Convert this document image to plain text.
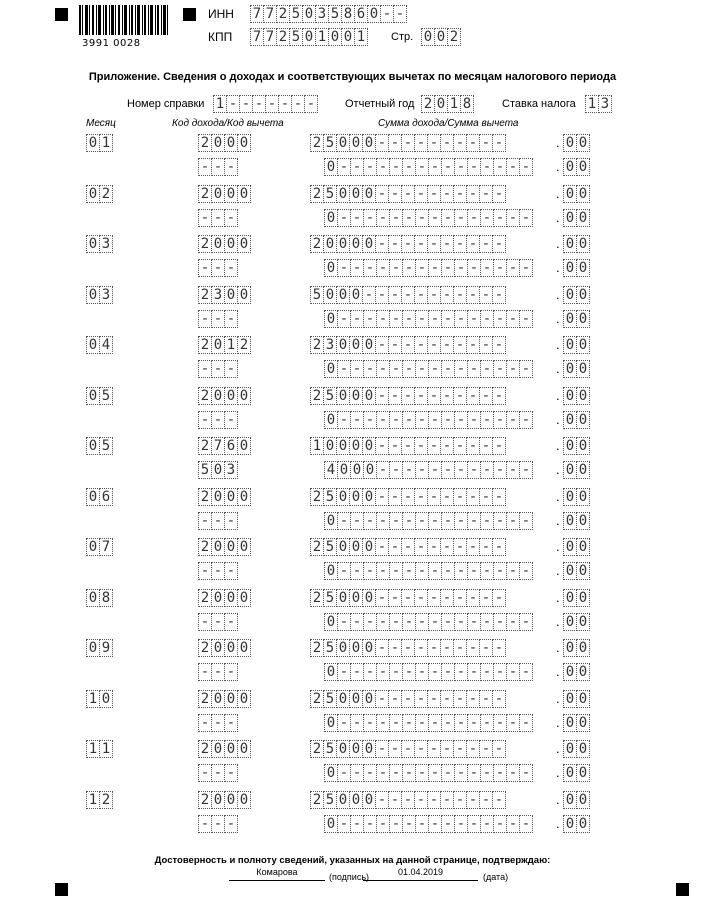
3991 0028
ИНН 7 7 2 5 0 3 5 8 6 0 - -
КПП 7 7 2 5 0 1 0 0 1 Стр. 0 0 2
Приложение. Сведения о доходах и соответствующих вычетах по месяцам налогового периода
Номер справки 1 - - - - - - -	Отчетный год 2 0 1 8	Ставка налога 1 3
Месяц	Код дохода/Код вычета	Сумма дохода/Сумма вычета
0 1	2 0 0 0	2 5 0 0 0 - - - - - - - - - -	. 0 0
- - -	0 - - - - - - - - - - - - - - - . 0 0
0 2	2 0 0 0	2 5 0 0 0 - - - - - - - - - -	. 0 0
- - -	0 - - - - - - - - - - - - - - - . 0 0
0 3	2 0 0 0	2 0 0 0 0 - - - - - - - - - -	. 0 0
- - -	0 - - - - - - - - - - - - - - - . 0 0
0 3	2 3 0 0	5 0 0 0 - - - - - - - - - - -	. 0 0
- - -	0 - - - - - - - - - - - - - - - . 0 0
0 4	2 0 1 2	2 3 0 0 0 - - - - - - - - - -	. 0 0
- - -	0 - - - - - - - - - - - - - - - . 0 0
0 5	2 0 0 0	2 5 0 0 0 - - - - - - - - - -	. 0 0
- - -	0 - - - - - - - - - - - - - - - . 0 0
0 5	2 7 6 0	1 0 0 0 0 - - - - - - - - - -	. 0 0
5 0 3	4 0 0 0 - - - - - - - - - - - - . 0 0
0 6	2 0 0 0	2 5 0 0 0 - - - - - - - - - -	. 0 0
- - -	0 - - - - - - - - - - - - - - - . 0 0
0 7	2 0 0 0	2 5 0 0 0 - - - - - - - - - -	. 0 0
- - -	0 - - - - - - - - - - - - - - - . 0 0
0 8	2 0 0 0	2 5 0 0 0 - - - - - - - - - -	. 0 0
- - -	0 - - - - - - - - - - - - - - - . 0 0
0 9	2 0 0 0	2 5 0 0 0 - - - - - - - - - -	. 0 0
- - -	0 - - - - - - - - - - - - - - - . 0 0
1 0	2 0 0 0	2 5 0 0 0 - - - - - - - - - -	. 0 0
- - -	0 - - - - - - - - - - - - - - - . 0 0
1 1	2 0 0 0	2 5 0 0 0 - - - - - - - - - -	. 0 0
- - -	0 - - - - - - - - - - - - - - - . 0 0
1 2	2 0 0 0	2 5 0 0 0 - - - - - - - - - -	. 0 0
- - -	0 - - - - - - - - - - - - - - - . 0 0
Достоверность и полноту сведений, указанных на данной странице, подтверждаю:
Комарова	(подпись)	01.04.2019	(дата)
